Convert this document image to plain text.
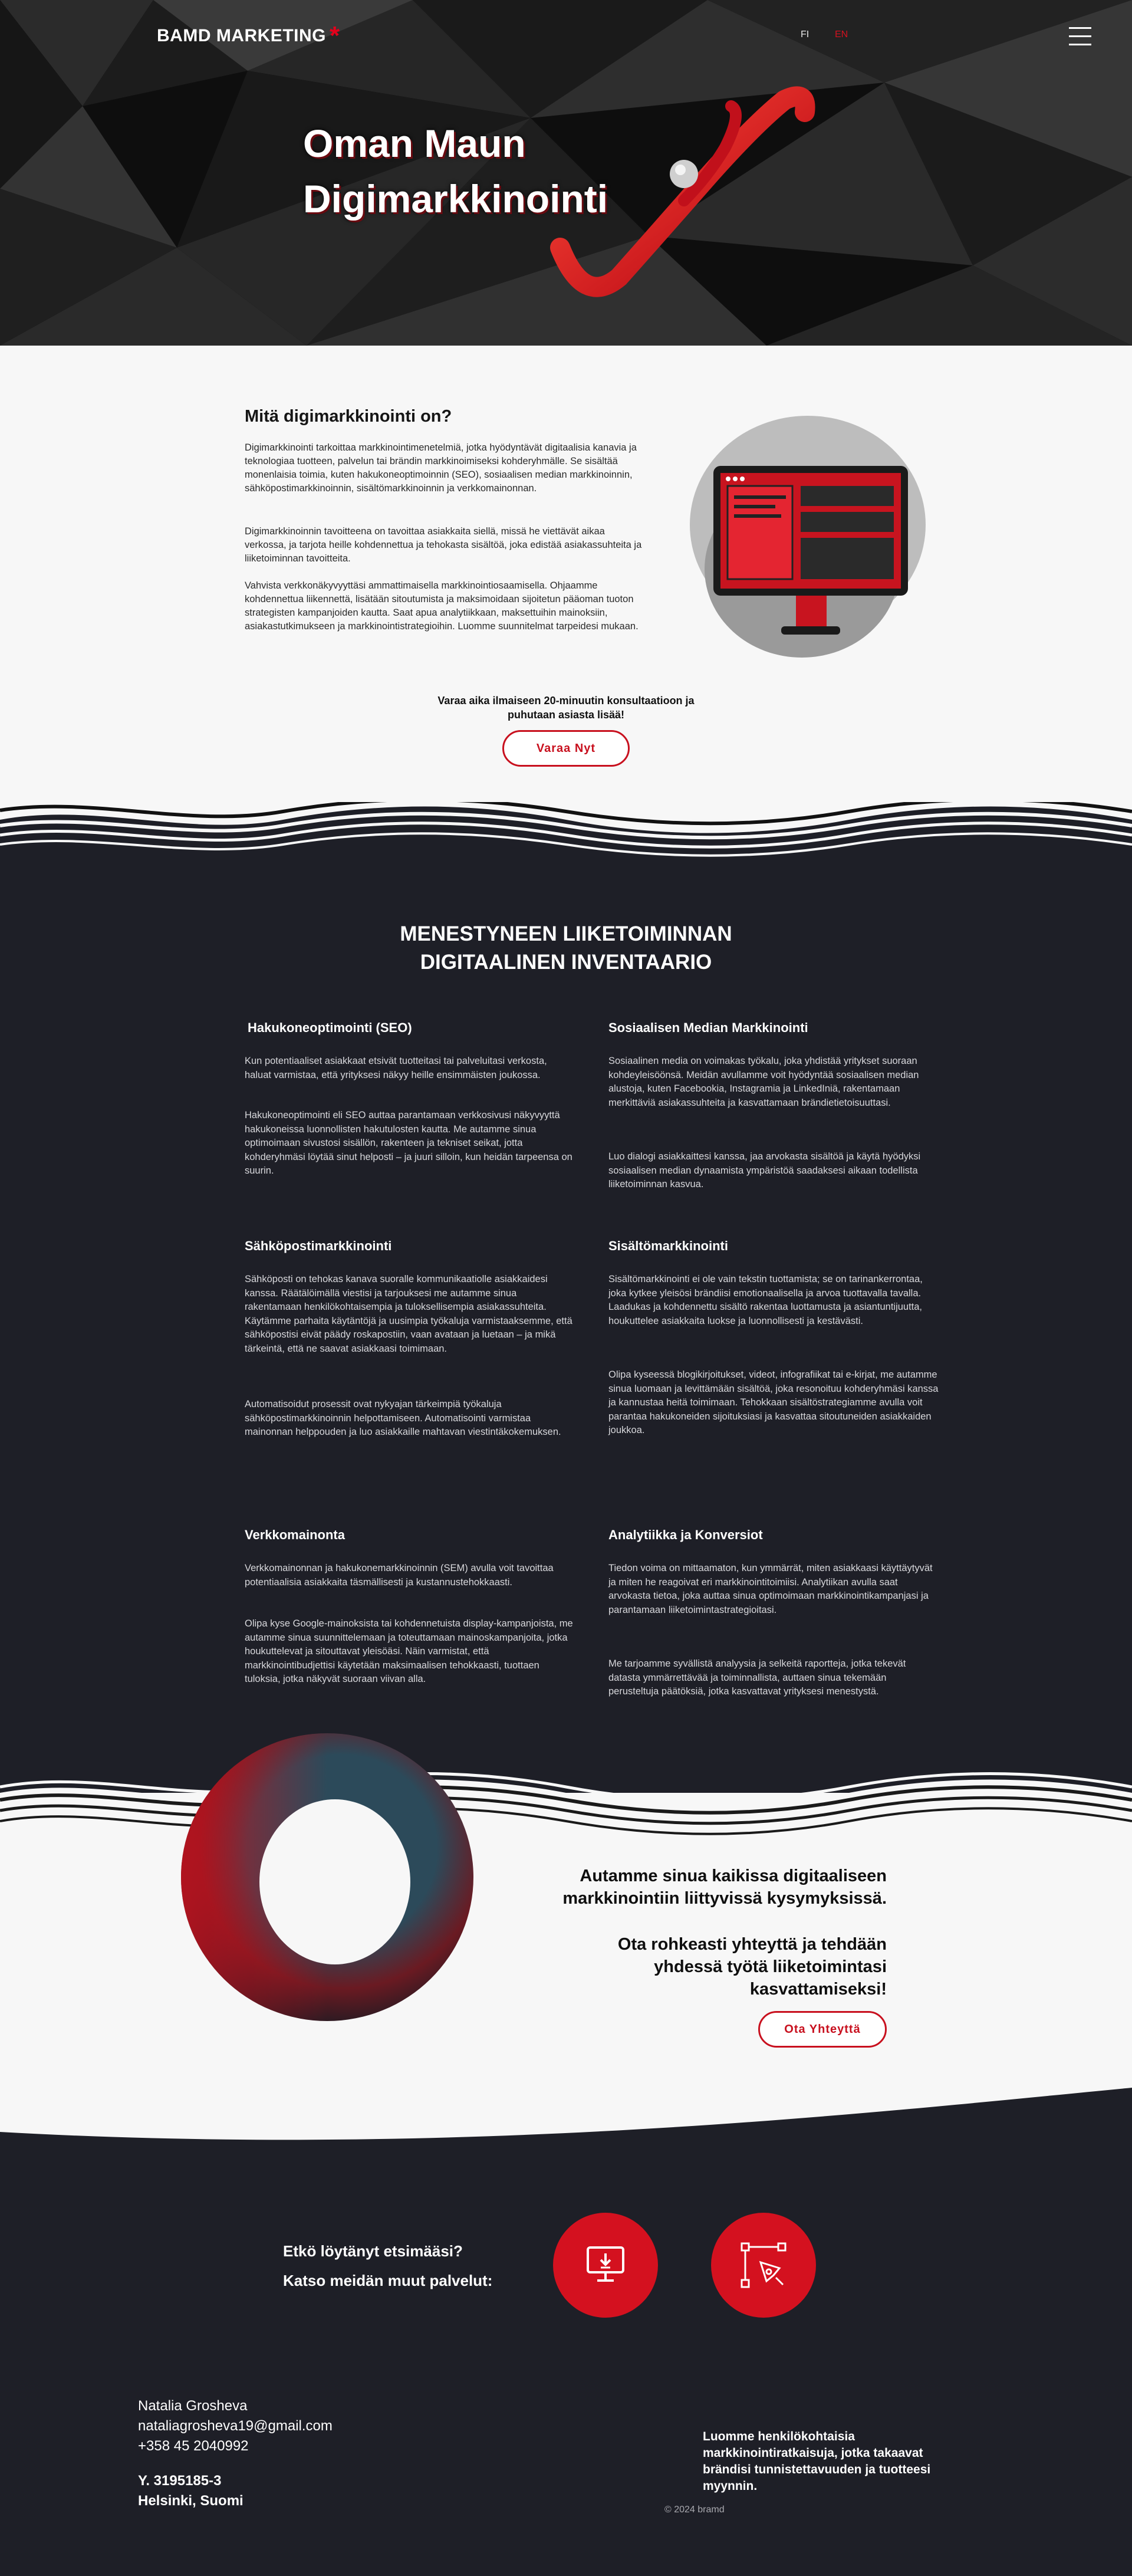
BAMD MARKETING *	FI	EN
Oman Maun
Digimarkkinointi
Mitä digimarkkinointi on?

Digimarkkinointi tarkoittaa markkinointimenetelmiä, jotka hyödyntävät digitaalisia kanavia ja teknologiaa tuotteen, palvelun tai brändin markkinoimiseksi kohderyhmälle. Se sisältää monenlaisia toimia, kuten hakukoneoptimoinnin (SEO), sosiaalisen median markkinoinnin, sähköpostimarkkinoinnin, sisältömarkkinoinnin ja verkkomainonnan.

Digimarkkinoinnin tavoitteena on tavoittaa asiakkaita siellä, missä he viettävät aikaa verkossa, ja tarjota heille kohdennettua ja tehokasta sisältöä, joka edistää asiakassuhteita ja liiketoiminnan tavoitteita.

Vahvista verkkonäkyvyyttäsi ammattimaisella markkinointiosaamisella. Ohjaamme kohdennettua liikennettä, lisätään sitoutumista ja maksimoidaan sijoitetun pääoman tuoton strategisten kampanjoiden kautta. Saat apua analytiikkaan, maksettuihin mainoksiin, asiakastutkimukseen ja markkinointistrategioihin. Luomme suunnitelmat tarpeidesi mukaan.

Varaa aika ilmaiseen 20-minuutin konsultaatioon ja
puhutaan asiasta lisää!
Varaa Nyt
MENESTYNEEN LIIKETOIMINNAN
DIGITAALINEN INVENTAARIO
Hakukoneoptimointi (SEO)

Kun potentiaaliset asiakkaat etsivät tuotteitasi tai palveluitasi verkosta, haluat varmistaa, että yrityksesi näkyy heille ensimmäisten joukossa.

Hakukoneoptimointi eli SEO auttaa parantamaan verkkosivusi näkyvyyttä hakukoneissa luonnollisten hakutulosten kautta. Me autamme sinua optimoimaan sivustosi sisällön, rakenteen ja tekniset seikat, jotta kohderyhmäsi löytää sinut helposti – ja juuri silloin, kun heidän tarpeensa on suurin.

Sähköpostimarkkinointi

Sähköposti on tehokas kanava suoralle kommunikaatiolle asiakkaidesi kanssa. Räätälöimällä viestisi ja tarjouksesi me autamme sinua rakentamaan henkilökohtaisempia ja tuloksellisempia asiakassuhteita. Käytämme parhaita käytäntöjä ja uusimpia työkaluja varmistaaksemme, että sähköpostisi eivät päädy roskapostiin, vaan avataan ja luetaan – ja mikä tärkeintä, että ne saavat asiakkaasi toimimaan.

Automatisoidut prosessit ovat nykyajan tärkeimpiä työkaluja sähköpostimarkkinoinnin helpottamiseen. Automatisointi varmistaa mainonnan helppouden ja luo asiakkaille mahtavan viestintäkokemuksen.

Verkkomainonta

Verkkomainonnan ja hakukonemarkkinoinnin (SEM) avulla voit tavoittaa potentiaalisia asiakkaita täsmällisesti ja kustannustehokkaasti.

Olipa kyse Google-mainoksista tai kohdennetuista display-kampanjoista, me autamme sinua suunnittelemaan ja toteuttamaan mainoskampanjoita, jotka houkuttelevat ja sitouttavat yleisöäsi. Näin varmistat, että markkinointibudjettisi käytetään maksimaalisen tehokkaasti, tuottaen tuloksia, jotka näkyvät suoraan viivan alla.

Sosiaalisen Median Markkinointi

Sosiaalinen media on voimakas työkalu, joka yhdistää yritykset suoraan kohdeyleisöönsä. Meidän avullamme voit hyödyntää sosiaalisen median alustoja, kuten Facebookia, Instagramia ja LinkedIniä, rakentamaan merkittäviä asiakassuhteita ja kasvattamaan brändietietoisuuttasi.

Luo dialogi asiakkaittesi kanssa, jaa arvokasta sisältöä ja käytä hyödyksi sosiaalisen median dynaamista ympäristöä saadaksesi aikaan todellista liiketoiminnan kasvua.

Sisältömarkkinointi

Sisältömarkkinointi ei ole vain tekstin tuottamista; se on tarinankerrontaa, joka kytkee yleisösi brändiisi emotionaalisella ja arvoa tuottavalla tavalla. Laadukas ja kohdennettu sisältö rakentaa luottamusta ja asiantuntijuutta, houkuttelee asiakkaita luokse ja luonnollisesti ja kestävästi.

Olipa kyseessä blogikirjoitukset, videot, infografiikat tai e-kirjat, me autamme sinua luomaan ja levittämään sisältöä, joka resonoituu kohderyhmäsi kanssa ja kannustaa heitä toimimaan. Tehokkaan sisältöstrategiamme avulla voit parantaa hakukoneiden sijoituksiasi ja kasvattaa sitoutuneiden asiakkaiden joukkoa.

Analytiikka ja Konversiot

Tiedon voima on mittaamaton, kun ymmärrät, miten asiakkaasi käyttäytyvät ja miten he reagoivat eri markkinointitoimiisi. Analytiikan avulla saat arvokasta tietoa, joka auttaa sinua optimoimaan markkinointikampanjasi ja parantamaan liiketoimintastrategioitasi.

Me tarjoamme syvällistä analyysia ja selkeitä raportteja, jotka tekevät datasta ymmärrettävää ja toiminnallista, auttaen sinua tekemään perusteltuja päätöksiä, jotka kasvattavat yrityksesi menestystä.

Autamme sinua kaikissa digitaaliseen
markkinointiin liittyvissä kysymyksissä.
Ota rohkeasti yhteyttä ja tehdään
yhdessä työtä liiketoimintasi
kasvattamiseksi!
Ota Yhteyttä
Etkö löytänyt etsimääsi?
Katso meidän muut palvelut:
Natalia Grosheva
nataliagrosheva19@gmail.com
+358 45 2040992
Y. 3195185-3
Helsinki, Suomi
Luomme henkilökohtaisia markkinointiratkaisuja, jotka takaavat brändisi tunnistettavuuden ja tuotteesi myynnin.
© 2024 bramd
